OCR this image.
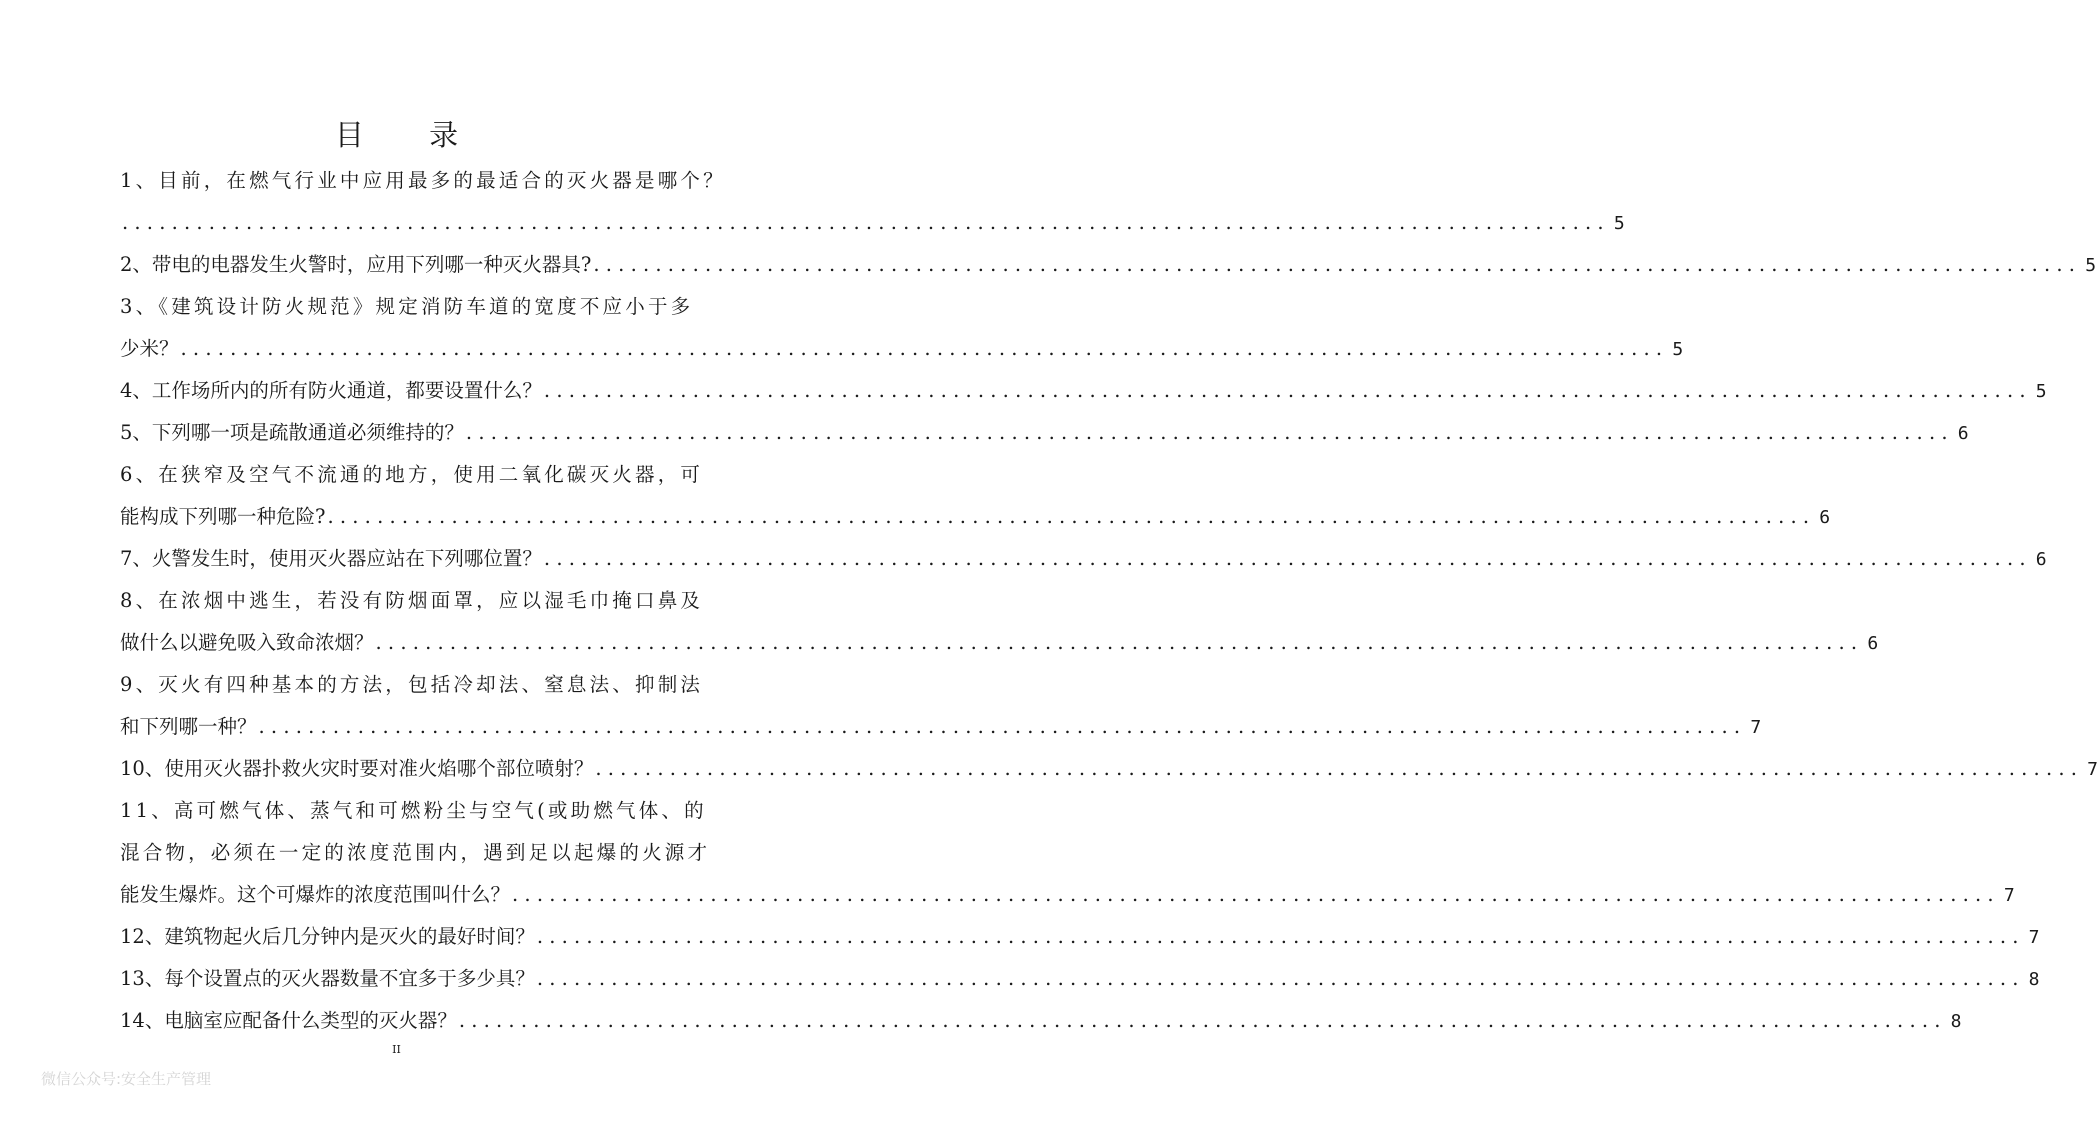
目 录
1、目前，在燃气行业中应用最多的最适合的灭火器是哪个？
........................................................................................................................ 5
2、带电的电器发生火警时，应用下列哪一种灭火器具? ........................................................................................................................ 5
3、《建筑设计防火规范》规定消防车道的宽度不应小于多
少米？ ........................................................................................................................ 5
4、工作场所内的所有防火通道，都要设置什么？ ........................................................................................................................ 5
5、下列哪一项是疏散通道必须维持的？ ........................................................................................................................ 6
6、在狭窄及空气不流通的地方，使用二氧化碳灭火器，可
能构成下列哪一种危险? ........................................................................................................................ 6
7、火警发生时，使用灭火器应站在下列哪位置？ ........................................................................................................................ 6
8、在浓烟中逃生，若没有防烟面罩，应以湿毛巾掩口鼻及
做什么以避免吸入致命浓烟？ ........................................................................................................................ 6
9、灭火有四种基本的方法，包括冷却法、窒息法、抑制法
和下列哪一种？ ........................................................................................................................ 7
10、使用灭火器扑救火灾时要对准火焰哪个部位喷射？ ........................................................................................................................ 7
11、高可燃气体、蒸气和可燃粉尘与空气(或助燃气体、的
混合物，必须在一定的浓度范围内，遇到足以起爆的火源才
能发生爆炸。这个可爆炸的浓度范围叫什么？ ........................................................................................................................ 7
12、建筑物起火后几分钟内是灭火的最好时间？ ........................................................................................................................ 7
13、每个设置点的灭火器数量不宜多于多少具？ ........................................................................................................................ 8
14、电脑室应配备什么类型的灭火器？ ........................................................................................................................ 8
II
微信公众号:安全生产管理
